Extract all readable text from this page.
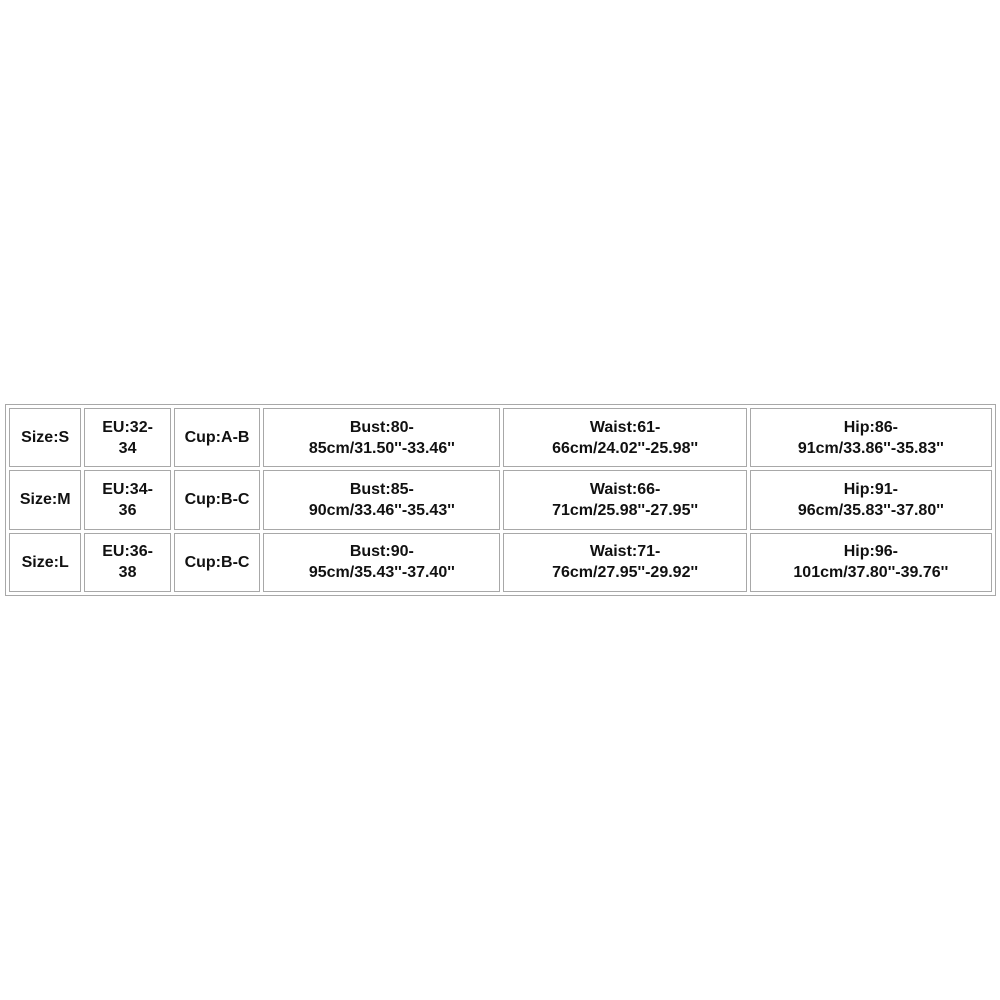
Size:S	EU:32-34	Cup:A-B	Bust:80-85cm/31.50''-33.46''	Waist:61-66cm/24.02''-25.98''	Hip:86-91cm/33.86''-35.83''
Size:M	EU:34-36	Cup:B-C	Bust:85-90cm/33.46''-35.43''	Waist:66-71cm/25.98''-27.95''	Hip:91-96cm/35.83''-37.80''
Size:L	EU:36-38	Cup:B-C	Bust:90-95cm/35.43''-37.40''	Waist:71-76cm/27.95''-29.92''	Hip:96-101cm/37.80''-39.76''
